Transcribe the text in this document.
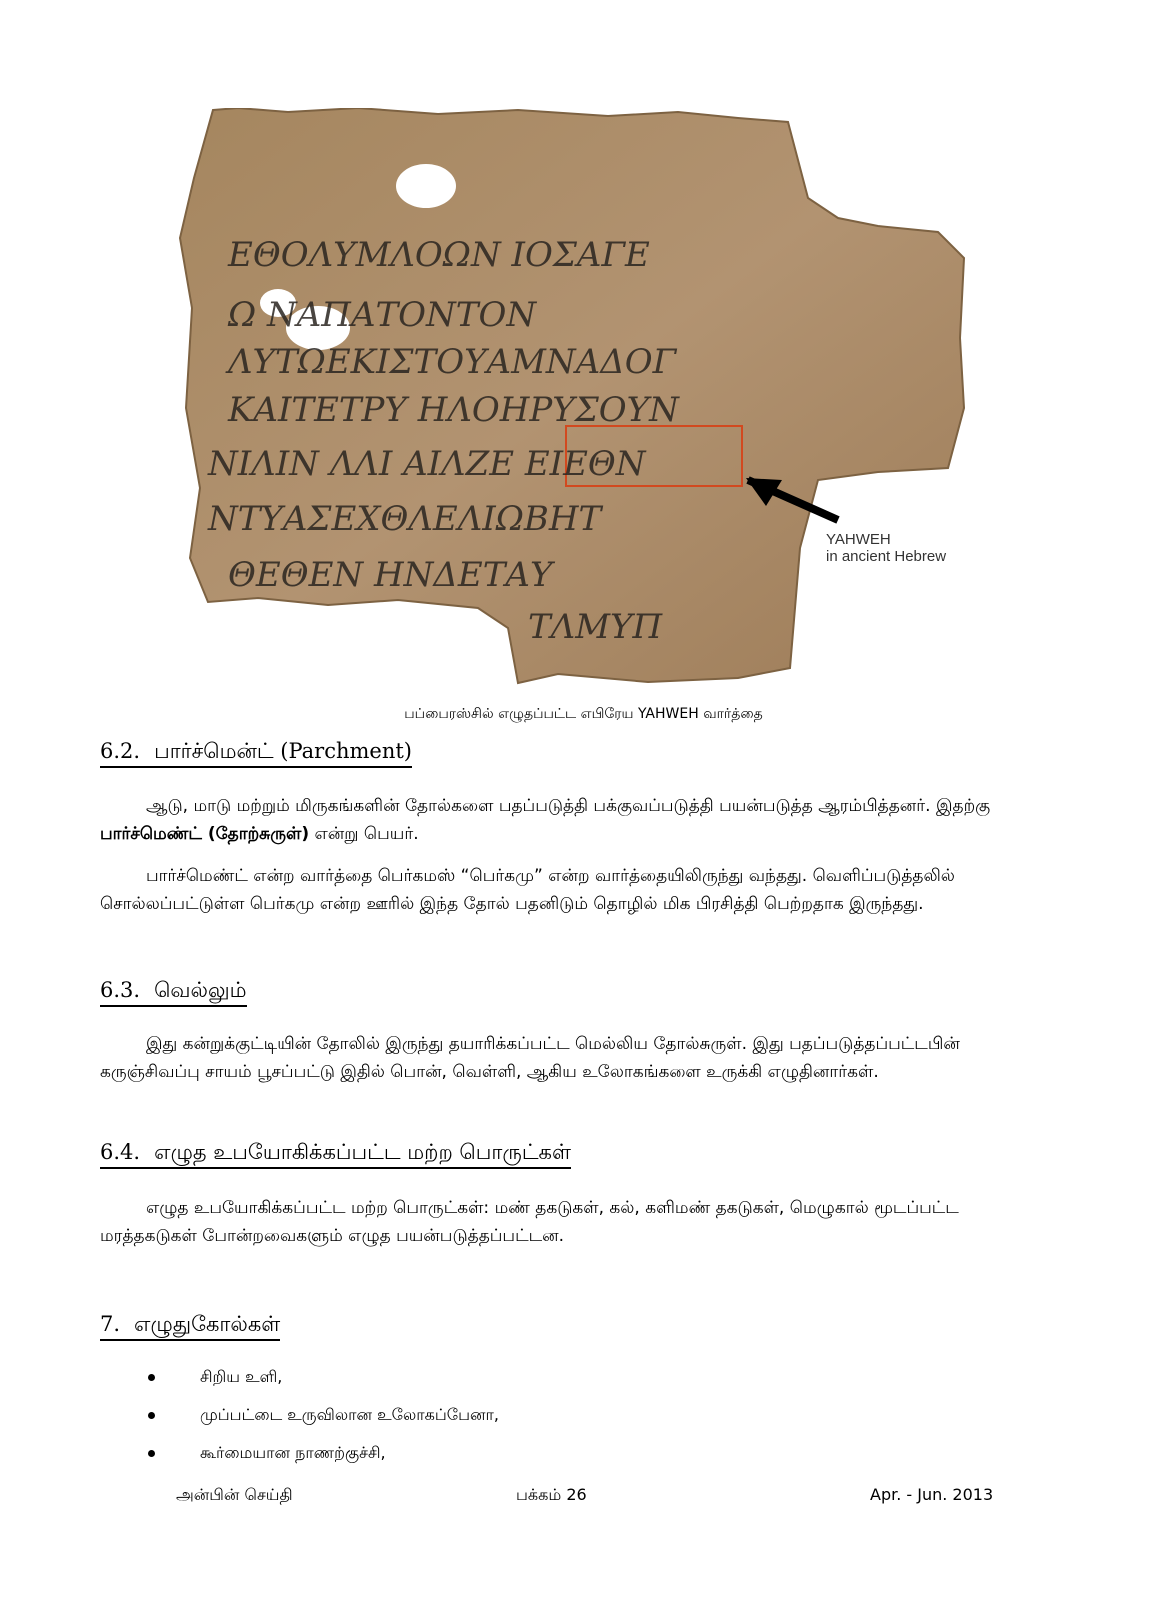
ΕΘΟΛΥΜΛΟΩΝ ΙΟΣΑΓΕ
Ω ΝΑΠΑΤΟΝΤΟΝ
ΛΥΤΩΕΚΙΣΤΟΥΑΜΝΑΔΟΓ
ΚΑΙΤΕΤΡΥ ΗΛΟΗΡΥΣΟΥΝ
ΝΙΛΙΝ ΛΛΙ ΑΙΛΖΕ ΕΙΕΘΝ
ΝΤΥΑΣΕΧΘΛΕΛΙΩΒΗΤ
ΘΕΘΕΝ ΗΝΔΕΤΑΥ
ΤΛΜΥΠ
YAHWEH
in ancient Hebrew
பப்பைரஸ்சில் எழுதப்பட்ட எபிரேய YAHWEH வார்த்தை
6.2. பார்ச்மென்ட் (Parchment)
ஆடு, மாடு மற்றும் மிருகங்களின் தோல்களை பதப்படுத்தி பக்குவப்படுத்தி பயன்படுத்த ஆரம்பித்தனர். இதற்கு பார்ச்மெண்ட் (தோற்சுருள்) என்று பெயர்.
பார்ச்மெண்ட் என்ற வார்த்தை பெர்கமஸ் “பெர்கமு” என்ற வார்த்தையிலிருந்து வந்தது. வெளிப்படுத்தலில் சொல்லப்பட்டுள்ள பெர்கமு என்ற ஊரில் இந்த தோல் பதனிடும் தொழில் மிக பிரசித்தி பெற்றதாக இருந்தது.
6.3. வெல்லும்
இது கன்றுக்குட்டியின் தோலில் இருந்து தயாரிக்கப்பட்ட மெல்லிய தோல்சுருள். இது பதப்படுத்தப்பட்டபின் கருஞ்சிவப்பு சாயம் பூசப்பட்டு இதில் பொன், வெள்ளி, ஆகிய உலோகங்களை உருக்கி எழுதினார்கள்.
6.4. எழுத உபயோகிக்கப்பட்ட மற்ற பொருட்கள்
எழுத உபயோகிக்கப்பட்ட மற்ற பொருட்கள்: மண் தகடுகள், கல், களிமண் தகடுகள், மெழுகால் மூடப்பட்ட மரத்தகடுகள் போன்றவைகளும் எழுத பயன்படுத்தப்பட்டன.
7. எழுதுகோல்கள்
சிறிய உளி,
முப்பட்டை உருவிலான உலோகப்பேனா,
கூர்மையான நாணற்குச்சி,
அன்பின் செய்தி	பக்கம் 26	Apr. - Jun. 2013
